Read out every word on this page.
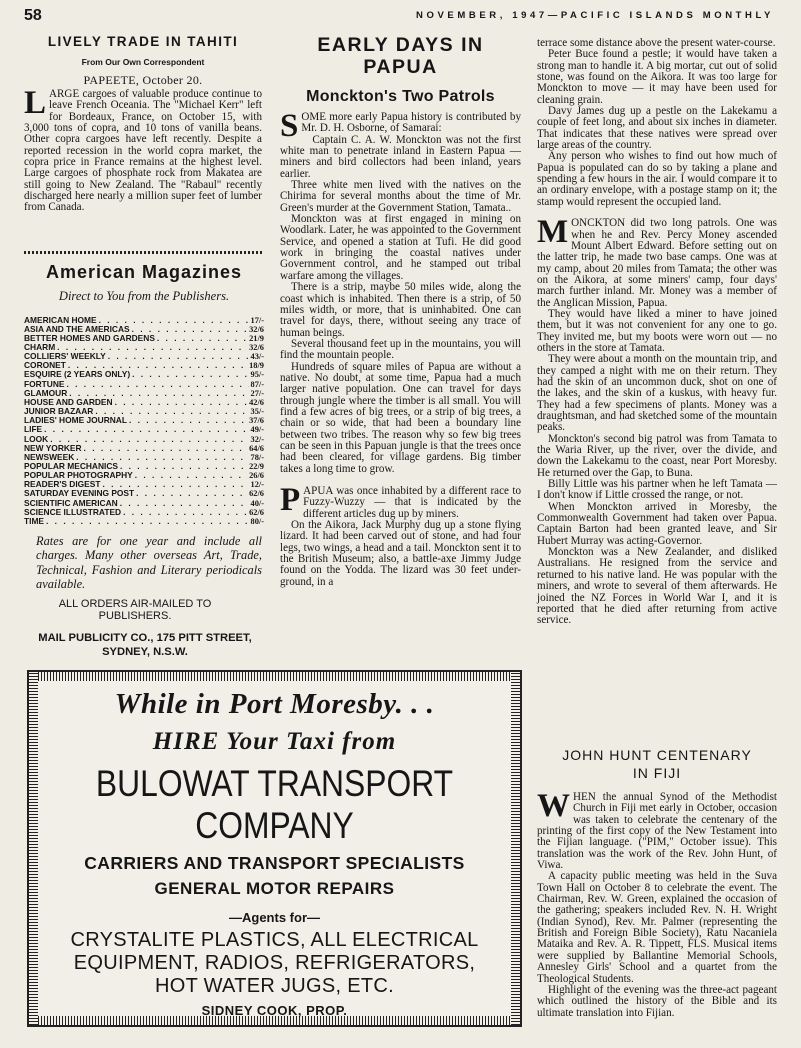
58	NOVEMBER, 1947—PACIFIC ISLANDS MONTHLY
LIVELY TRADE IN TAHITI
From Our Own Correspondent
PAPEETE, October 20.

LARGE cargoes of valuable produce continue to leave French Oceania. The "Michael Kerr" left for Bordeaux, France, on October 15, with 3,000 tons of copra, and 10 tons of vanilla beans. Other copra cargoes have left recently. Despite a reported recession in the world copra market, the copra price in France remains at the highest level. Large cargoes of phosphate rock from Makatea are still going to New Zealand. The "Rabaul" recently discharged here nearly a million super feet of lumber from Canada.

American Magazines
Direct to You from the Publishers.
AMERICAN HOME . . .	17/-
ASIA AND THE AMERICAS . . .	32/6
BETTER HOMES AND GARDENS . . .	21/9
CHARM . . .	32/6
COLLIERS' WEEKLY . . .	43/-
CORONET . . .	18/9
ESQUIRE (2 YEARS ONLY) . . .	95/-
FORTUNE . . .	87/-
GLAMOUR . . .	27/-
HOUSE AND GARDEN . . .	42/6
JUNIOR BAZAAR . . .	35/-
LADIES' HOME JOURNAL . . .	37/6
LIFE . . .	49/-
LOOK . . .	32/-
NEW YORKER . . .	64/6
NEWSWEEK . . .	78/-
POPULAR MECHANICS . . .	22/9
POPULAR PHOTOGRAPHY . . .	26/6
READER'S DIGEST . . .	12/-
SATURDAY EVENING POST . . .	62/6
SCIENTIFIC AMERICAN . . .	40/-
SCIENCE ILLUSTRATED . . .	62/6
TIME . . .	80/-
Rates are for one year and include all charges. Many other overseas Art, Trade, Technical, Fashion and Literary periodicals available.
ALL ORDERS AIR-MAILED TO PUBLISHERS.
MAIL PUBLICITY CO., 175 PITT STREET, SYDNEY, N.S.W.
EARLY DAYS IN
PAPUA
Monckton's Two Patrols

SOME more early Papua history is contributed by Mr. D. H. Osborne, of Samarai:

Captain C. A. W. Monckton was not the first white man to penetrate inland in Eastern Papua — miners and bird collectors had been inland, years earlier.

Three white men lived with the natives on the Chirima for several months about the time of Mr. Green's murder at the Government Station, Tamata..

Monckton was at first engaged in mining on Woodlark. Later, he was appointed to the Government Service, and opened a station at Tufi. He did good work in bringing the coastal natives under Government control, and he stamped out tribal warfare among the villages.

There is a strip, maybe 50 miles wide, along the coast which is inhabited. Then there is a strip, of 50 miles width, or more, that is uninhabited. One can travel for days, there, without seeing any trace of human beings.

Several thousand feet up in the mountains, you will find the mountain people.

Hundreds of square miles of Papua are without a native. No doubt, at some time, Papua had a much larger native population. One can travel for days through jungle where the timber is all small. You will find a few acres of big trees, or a strip of big trees, a chain or so wide, that had been a boundary line between two tribes. The reason why so few big trees can be seen in this Papuan jungle is that the trees once had been cleared, for village gardens. Big timber takes a long time to grow.

PAPUA was once inhabited by a different race to Fuzzy-Wuzzy — that is indicated by the different articles dug up by miners.

On the Aikora, Jack Murphy dug up a stone flying lizard. It had been carved out of stone, and had four legs, two wings, a head and a tail. Monckton sent it to the British Museum; also, a battle-axe Jimmy Judge found on the Yodda. The lizard was 30 feet under-ground, in a

terrace some distance above the present water-course.

Peter Buce found a pestle; it would have taken a strong man to handle it. A big mortar, cut out of solid stone, was found on the Aikora. It was too large for Monckton to move — it may have been used for cleaning grain.

Davy James dug up a pestle on the Lakekamu a couple of feet long, and about six inches in diameter. That indicates that these natives were spread over large areas of the country.

Any person who wishes to find out how much of Papua is populated can do so by taking a plane and spending a few hours in the air. I would compare it to an ordinary envelope, with a postage stamp on it; the stamp would represent the occupied land.

MONCKTON did two long patrols. One was when he and Rev. Percy Money ascended Mount Albert Edward. Before setting out on the latter trip, he made two base camps. One was at my camp, about 20 miles from Tamata; the other was on the Aikora, at some miners' camp, four days' march further inland. Mr. Money was a member of the Anglican Mission, Papua.

They would have liked a miner to have joined them, but it was not convenient for any one to go. They invited me, but my boots were worn out — no others in the store at Tamata.

They were about a month on the mountain trip, and they camped a night with me on their return. They had the skin of an uncommon duck, shot on one of the lakes, and the skin of a kuskus, with heavy fur. They had a few specimens of plants. Money was a draughtsman, and had sketched some of the mountain peaks.

Monckton's second big patrol was from Tamata to the Waria River, up the river, over the divide, and down the Lakekamu to the coast, near Port Moresby. He returned over the Gap, to Buna.

Billy Little was his partner when he left Tamata — I don't know if Little crossed the range, or not.

When Monckton arrived in Moresby, the Commonwealth Government had taken over Papua. Captain Barton had been granted leave, and Sir Hubert Murray was acting-Governor.

Monckton was a New Zealander, and disliked Australians. He resigned from the service and returned to his native land. He was popular with the miners, and wrote to several of them afterwards. He joined the NZ Forces in World War I, and it is reported that he died after returning from active service.

JOHN HUNT CENTENARY
IN FIJI

WHEN the annual Synod of the Methodist Church in Fiji met early in October, occasion was taken to celebrate the centenary of the printing of the first copy of the New Testament into the Fijian language. ("PIM," October issue). This translation was the work of the Rev. John Hunt, of Viwa.

A capacity public meeting was held in the Suva Town Hall on October 8 to celebrate the event. The Chairman, Rev. W. Green, explained the occasion of the gathering; speakers included Rev. N. H. Wright (Indian Synod), Rev. Mr. Palmer (representing the British and Foreign Bible Society), Ratu Nacaniela Mataika and Rev. A. R. Tippett, FLS. Musical items were supplied by Ballantine Memorial Schools, Annesley Girls' School and a quartet from the Theological Students.

Highlight of the evening was the three-act pageant which outlined the history of the Bible and its ultimate translation into Fijian.

While in Port Moresby. . .
HIRE Your Taxi from
BULOWAT TRANSPORT
COMPANY
CARRIERS AND TRANSPORT SPECIALISTS
GENERAL MOTOR REPAIRS
—Agents for—
CRYSTALITE PLASTICS, ALL ELECTRICAL
EQUIPMENT, RADIOS, REFRIGERATORS,
HOT WATER JUGS, ETC.
SIDNEY COOK, PROP.
